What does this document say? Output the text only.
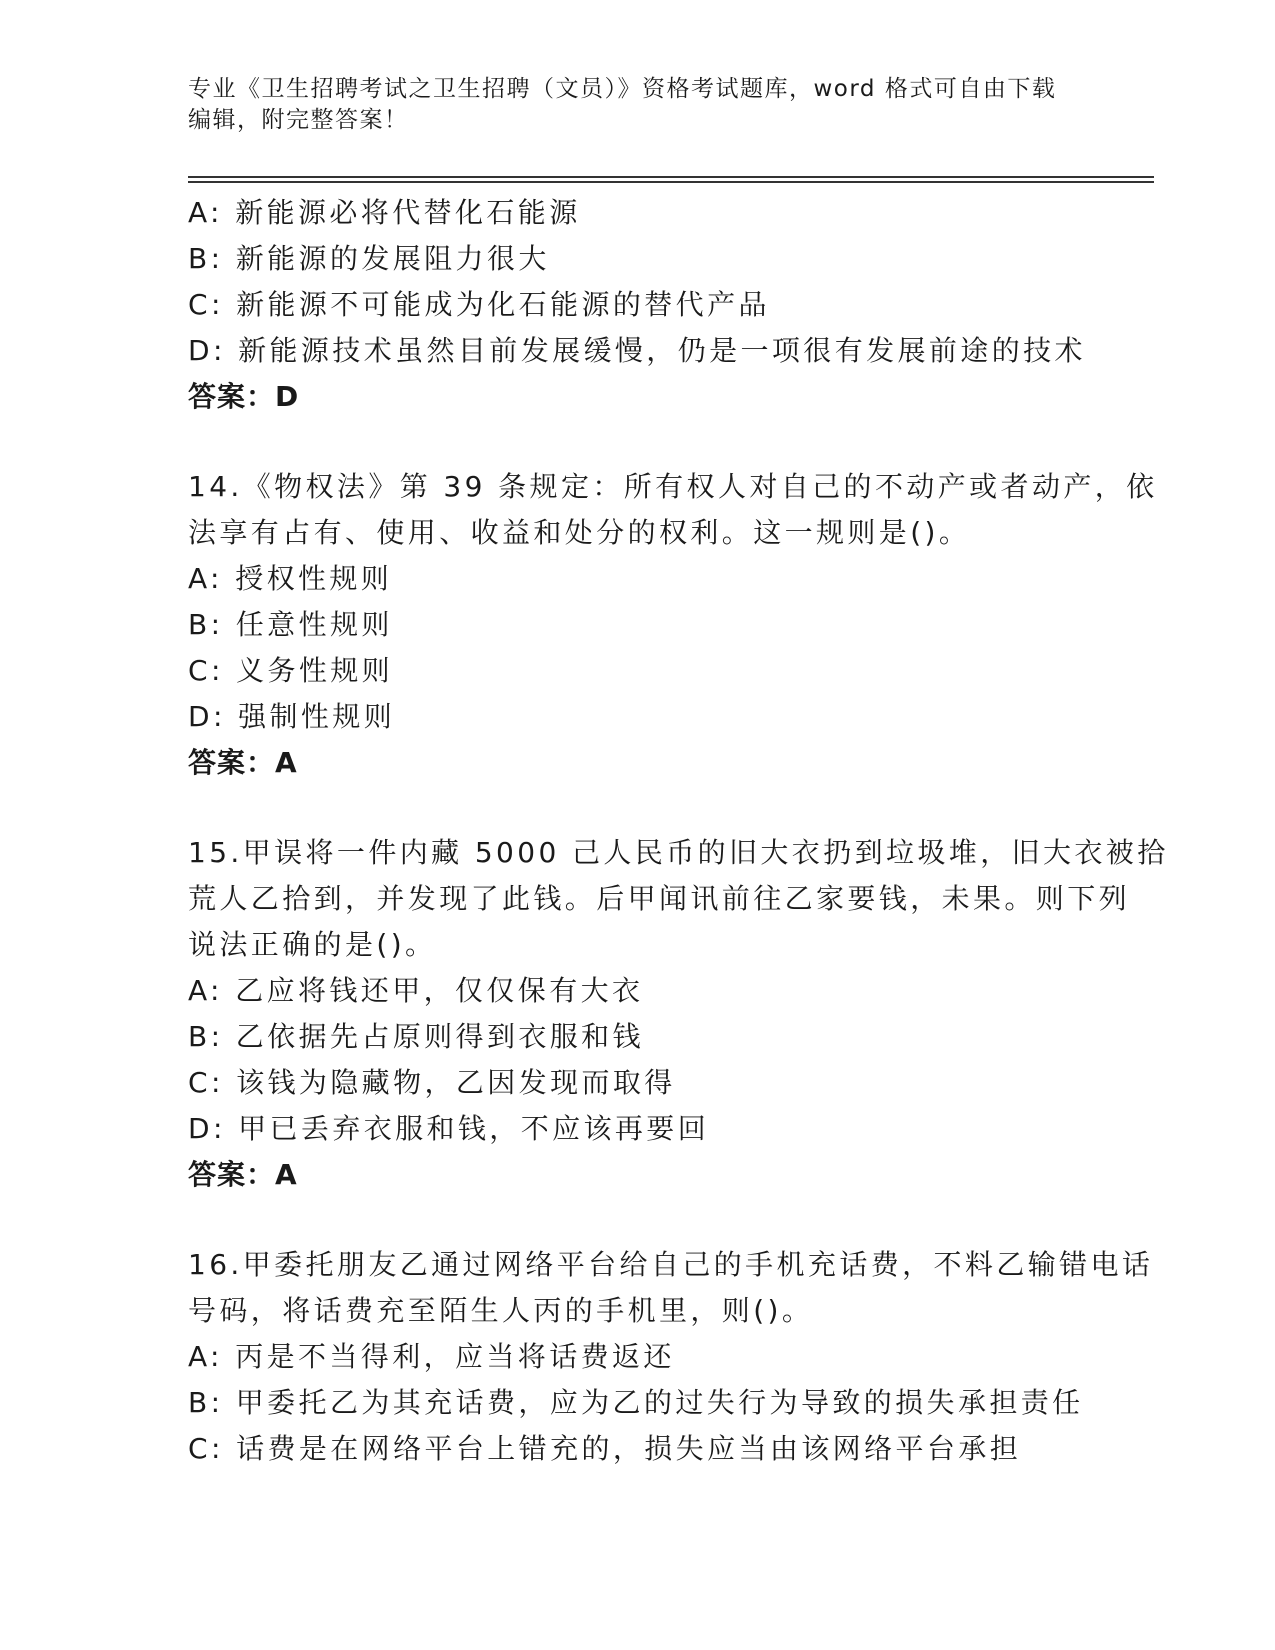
专业《卫生招聘考试之卫生招聘（文员）》资格考试题库，word 格式可自由下载
编辑，附完整答案！
A: 新能源必将代替化石能源
B: 新能源的发展阻力很大
C: 新能源不可能成为化石能源的替代产品
D: 新能源技术虽然目前发展缓慢，仍是一项很有发展前途的技术
答案：D
14.《物权法》第 39 条规定：所有权人对自己的不动产或者动产，依
法享有占有、使用、收益和处分的权利。这一规则是()。
A: 授权性规则
B: 任意性规则
C: 义务性规则
D: 强制性规则
答案：A
15.甲误将一件内藏 5000 己人民币的旧大衣扔到垃圾堆，旧大衣被拾
荒人乙拾到，并发现了此钱。后甲闻讯前往乙家要钱，未果。则下列
说法正确的是()。
A: 乙应将钱还甲，仅仅保有大衣
B: 乙依据先占原则得到衣服和钱
C: 该钱为隐藏物，乙因发现而取得
D: 甲已丢弃衣服和钱，不应该再要回
答案：A
16.甲委托朋友乙通过网络平台给自己的手机充话费，不料乙输错电话
号码，将话费充至陌生人丙的手机里，则()。
A: 丙是不当得利，应当将话费返还
B: 甲委托乙为其充话费，应为乙的过失行为导致的损失承担责任
C: 话费是在网络平台上错充的，损失应当由该网络平台承担
